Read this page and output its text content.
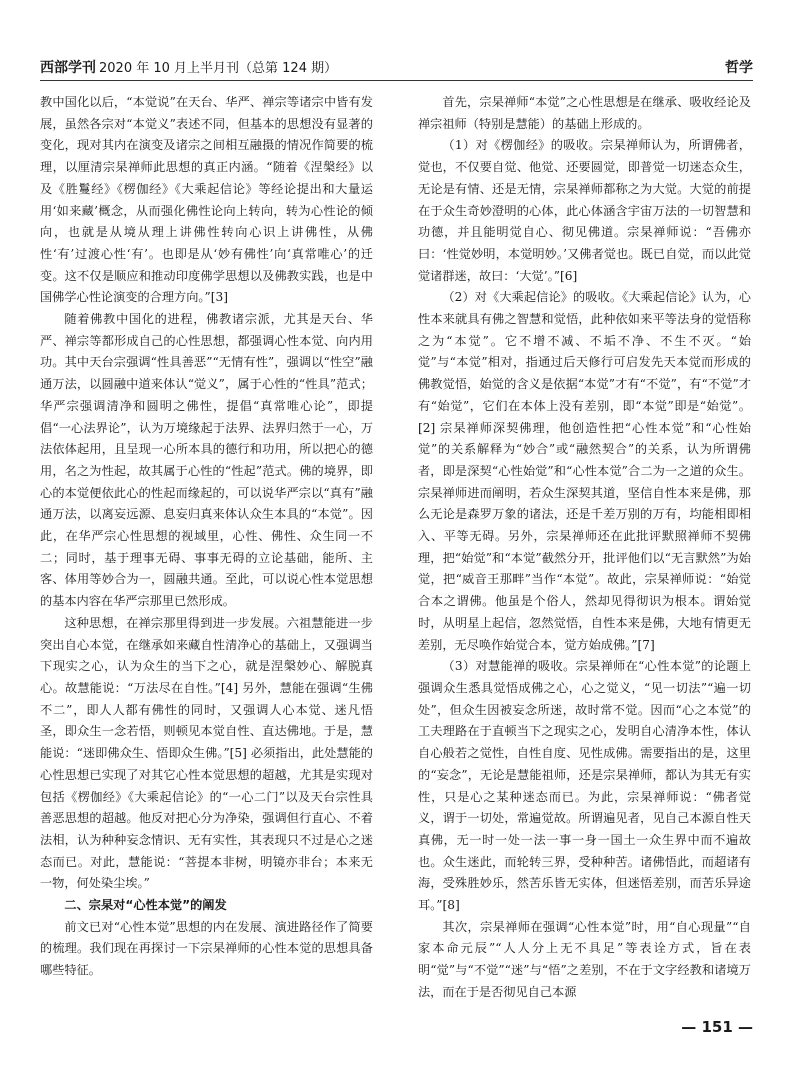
西部学刊 2020 年 10 月上半月刊（总第 124 期）	哲学

教中国化以后，“本觉说”在天台、华严、禅宗等诸宗中皆有发展，虽然各宗对“本觉义”表述不同，但基本的思想没有显著的变化，现对其内在演变及诸宗之间相互融摄的情况作简要的梳理，以厘清宗杲禅师此思想的真正内涵。“随着《涅槃经》以及《胜鬘经》《楞伽经》《大乘起信论》等经论提出和大量运用‘如来藏’概念，从而强化佛性论向上转向，转为心性论的倾向，也就是从境从理上讲佛性转向心识上讲佛性，从佛性‘有’过渡心性‘有’。也即是从‘妙有佛性’向‘真常唯心’的迁变。这不仅是顺应和推动印度佛学思想以及佛教实践，也是中国佛学心性论演变的合理方向。”[3]

随着佛教中国化的进程，佛教诸宗派，尤其是天台、华严、禅宗等都形成自己的心性思想，都强调心性本觉、向内用功。其中天台宗强调“性具善恶”“无情有性”，强调以“性空”融通万法，以圆融中道来体认“觉义”，属于心性的“性具”范式；华严宗强调清净和圆明之佛性，提倡“真常唯心论”，即提倡“一心法界论”，认为万境缘起于法界、法界归然于一心，万法依体起用，且呈现一心所本具的德行和功用，所以把心的德用，名之为性起，故其属于心性的“性起”范式。佛的境界，即心的本觉便依此心的性起而缘起的，可以说华严宗以“真有”融通万法，以离妄远源、息妄归真来体认众生本具的“本觉”。因此，在华严宗心性思想的视域里，心性、佛性、众生同一不二；同时，基于理事无碍、事事无碍的立论基础，能所、主客、体用等妙合为一，圆融共通。至此，可以说心性本觉思想的基本内容在华严宗那里已然形成。

这种思想，在禅宗那里得到进一步发展。六祖慧能进一步突出自心本觉，在继承如来藏自性清净心的基础上，又强调当下现实之心，认为众生的当下之心，就是涅槃妙心、解脱真心。故慧能说：“万法尽在自性。”[4] 另外，慧能在强调“生佛不二”，即人人都有佛性的同时，又强调人心本觉、迷凡悟圣，即众生一念若悟，则顿见本觉自性、直达佛地。于是，慧能说：“迷即佛众生、悟即众生佛。”[5] 必须指出，此处慧能的心性思想已实现了对其它心性本觉思想的超越，尤其是实现对包括《楞伽经》《大乘起信论》的“一心二门”以及天台宗性具善恶思想的超越。他反对把心分为净染，强调但行直心、不着法相，认为种种妄念情识、无有实性，其表现只不过是心之迷态而已。对此，慧能说：“菩提本非树，明镜亦非台；本来无一物，何处染尘埃。”

二、宗杲对“心性本觉”的阐发

前文已对“心性本觉”思想的内在发展、演进路径作了简要的梳理。我们现在再探讨一下宗杲禅师的心性本觉的思想具备哪些特征。

首先，宗杲禅师“本觉”之心性思想是在继承、吸收经论及禅宗祖师（特别是慧能）的基础上形成的。

（1）对《楞伽经》的吸收。宗杲禅师认为，所谓佛者，觉也，不仅要自觉、他觉、还要圆觉，即普觉一切迷态众生，无论是有情、还是无情，宗杲禅师都称之为大觉。大觉的前提在于众生奇妙澄明的心体，此心体涵含宇宙万法的一切智慧和功德，并且能明觉自心、彻见佛道。宗杲禅师说：“吾佛亦曰：‘性觉妙明，本觉明妙。’又佛者觉也。既已自觉，而以此觉觉诸群迷，故曰：‘大觉’。”[6]

（2）对《大乘起信论》的吸收。《大乘起信论》认为，心性本来就具有佛之智慧和觉悟，此种依如来平等法身的觉悟称之为“本觉”。它不增不减、不垢不净、不生不灭。“始觉”与“本觉”相对，指通过后天修行可启发先天本觉而形成的佛教觉悟，始觉的含义是依据“本觉”才有“不觉”，有“不觉”才有“始觉”，它们在本体上没有差别，即“本觉”即是“始觉”。[2] 宗杲禅师深契佛理，他创造性把“心性本觉”和“心性始觉”的关系解释为“妙合”或“融然契合”的关系，认为所谓佛者，即是深契“心性始觉”和“心性本觉”合二为一之道的众生。宗杲禅师进而阐明，若众生深契其道，坚信自性本来是佛，那么无论是森罗万象的诸法，还是千差万别的万有，均能相即相入、平等无碍。另外，宗杲禅师还在此批评默照禅师不契佛理，把“始觉”和“本觉”截然分开，批评他们以“无言默然”为始觉，把“威音王那畔”当作“本觉”。故此，宗杲禅师说：“始觉合本之谓佛。他虽是个俗人，然却见得彻识为根本。谓始觉时，从明星上起信，忽然觉悟，自性本来是佛，大地有情更无差别，无尽唤作始觉合本，觉方始成佛。”[7]

（3）对慧能禅的吸收。宗杲禅师在“心性本觉”的论题上强调众生悉具觉悟成佛之心，心之觉义，“见一切法”“遍一切处”，但众生因被妄念所迷，故时常不觉。因而“心之本觉”的工夫理路在于直顿当下之现实之心，发明自心清净本性，体认自心般若之觉性，自性自度、见性成佛。需要指出的是，这里的“妄念”，无论是慧能祖师，还是宗杲禅师，都认为其无有实性，只是心之某种迷态而已。为此，宗杲禅师说：“佛者觉义，谓于一切处，常遍觉故。所谓遍见者，见自己本源自性天真佛，无一时一处一法一事一身一国土一众生界中而不遍故也。众生迷此，而轮转三界，受种种苦。诸佛悟此，而超诸有海，受殊胜妙乐，然苦乐皆无实体，但迷悟差别，而苦乐异途耳。”[8]

其次，宗杲禅师在强调“心性本觉”时，用“自心现量”“自家本命元辰”“人人分上无不具足”等表诠方式，旨在表明“觉”与“不觉”“迷”与“悟”之差别，不在于文字经教和诸境万法，而在于是否彻见自己本源

— 151 —
